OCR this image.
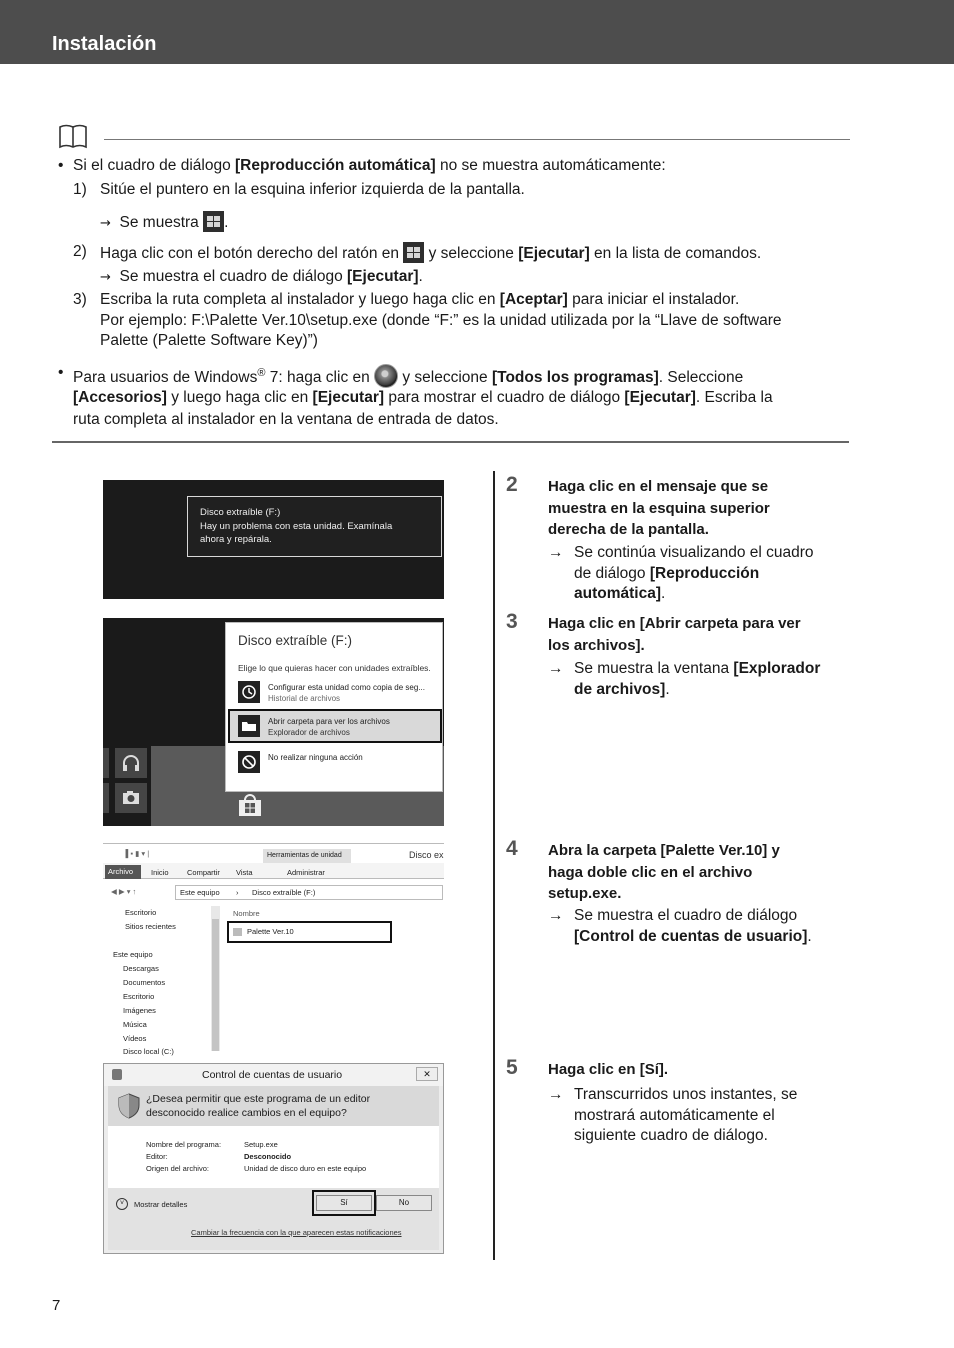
Instalación
• Si el cuadro de diálogo [Reproducción automática] no se muestra automáticamente:
1) Sitúe el puntero en la esquina inferior izquierda de la pantalla.
→ Se muestra .
2) Haga clic con el botón derecho del ratón en  y seleccione [Ejecutar] en la lista de comandos.
→ Se muestra el cuadro de diálogo [Ejecutar].
3) Escriba la ruta completa al instalador y luego haga clic en [Aceptar] para iniciar el instalador.
Por ejemplo: F:\Palette Ver.10\setup.exe (donde “F:” es la unidad utilizada por la “Llave de software
Palette (Palette Software Key)”)
• Para usuarios de Windows® 7: haga clic en  y seleccione [Todos los programas]. Seleccione
[Accesorios] y luego haga clic en [Ejecutar] para mostrar el cuadro de diálogo [Ejecutar]. Escriba la
ruta completa al instalador en la ventana de entrada de datos.
2 Haga clic en el mensaje que se
muestra en la esquina superior
derecha de la pantalla.
→ Se continúa visualizando el cuadro
de diálogo [Reproducción
automática].
3 Haga clic en [Abrir carpeta para ver
los archivos].
→ Se muestra la ventana [Explorador
de archivos].
4 Abra la carpeta [Palette Ver.10] y
haga doble clic en el archivo
setup.exe.
→ Se muestra el cuadro de diálogo
[Control de cuentas de usuario].
5 Haga clic en [Sí].
→ Transcurridos unos instantes, se
mostrará automáticamente el
siguiente cuadro de diálogo.
Disco extraíble (F:)
Hay un problema con esta unidad. Examínala
ahora y repárala.
Disco extraíble (F:)
Elige lo que quieras hacer con unidades extraíbles.
Configurar esta unidad como copia de seg...
Historial de archivos
Abrir carpeta para ver los archivos
Explorador de archivos
No realizar ninguna acción
▐ ▪ ▮ ▾ |	Herramientas de unidad	Disco ex
Archivo	Inicio Compartir Vista	Administrar
◀ ▶ ▾ ↑	Este equipo › Disco extraíble (F:)
Escritorio
Sitios recientes
Este equipo
Descargas
Documentos
Escritorio
Imágenes
Música
Vídeos
Disco local (C:)
Nombre
Palette Ver.10
Control de cuentas de usuario	✕
¿Desea permitir que este programa de un editor
desconocido realice cambios en el equipo?
Nombre del programa:	Setup.exe
Editor:	Desconocido
Origen del archivo:	Unidad de disco duro en este equipo
˅	Mostrar detalles	Sí	No
Cambiar la frecuencia con la que aparecen estas notificaciones
7
